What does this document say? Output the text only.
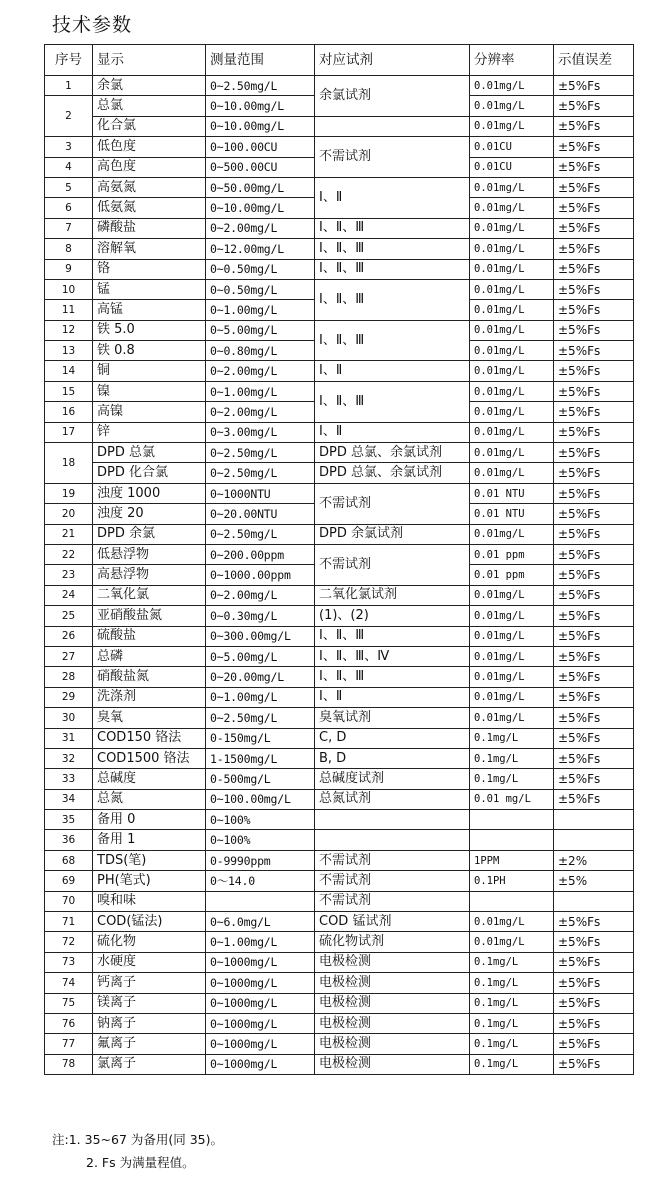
技术参数
序号	显示	测量范围	对应试剂	分辨率	示值误差
1	余氯	0~2.50mg/L	余氯试剂	0.01mg/L	±5%Fs
2	总氯	0~10.00mg/L		0.01mg/L	±5%Fs
	化合氯	0~10.00mg/L		0.01mg/L	±5%Fs
3	低色度	0~100.00CU	不需试剂	0.01CU	±5%Fs
4	高色度	0~500.00CU		0.01CU	±5%Fs
5	高氨氮	0~50.00mg/L	Ⅰ、Ⅱ	0.01mg/L	±5%Fs
6	低氨氮	0~10.00mg/L		0.01mg/L	±5%Fs
7	磷酸盐	0~2.00mg/L	Ⅰ、Ⅱ、Ⅲ	0.01mg/L	±5%Fs
8	溶解氧	0~12.00mg/L	Ⅰ、Ⅱ、Ⅲ	0.01mg/L	±5%Fs
9	铬	0~0.50mg/L	Ⅰ、Ⅱ、Ⅲ	0.01mg/L	±5%Fs
10	锰	0~0.50mg/L	Ⅰ、Ⅱ、Ⅲ	0.01mg/L	±5%Fs
11	高锰	0~1.00mg/L		0.01mg/L	±5%Fs
12	铁 5.0	0~5.00mg/L	Ⅰ、Ⅱ、Ⅲ	0.01mg/L	±5%Fs
13	铁 0.8	0~0.80mg/L		0.01mg/L	±5%Fs
14	铜	0~2.00mg/L	Ⅰ、Ⅱ	0.01mg/L	±5%Fs
15	镍	0~1.00mg/L	Ⅰ、Ⅱ、Ⅲ	0.01mg/L	±5%Fs
16	高镍	0~2.00mg/L		0.01mg/L	±5%Fs
17	锌	0~3.00mg/L	Ⅰ、Ⅱ	0.01mg/L	±5%Fs
18	DPD 总氯	0~2.50mg/L	DPD 总氯、余氯试剂	0.01mg/L	±5%Fs
	DPD 化合氯	0~2.50mg/L	DPD 总氯、余氯试剂	0.01mg/L	±5%Fs
19	浊度 1000	0~1000NTU	不需试剂	0.01 NTU	±5%Fs
20	浊度 20	0~20.00NTU		0.01 NTU	±5%Fs
21	DPD 余氯	0~2.50mg/L	DPD 余氯试剂	0.01mg/L	±5%Fs
22	低悬浮物	0~200.00ppm	不需试剂	0.01 ppm	±5%Fs
23	高悬浮物	0~1000.00ppm		0.01 ppm	±5%Fs
24	二氧化氯	0~2.00mg/L	二氧化氯试剂	0.01mg/L	±5%Fs
25	亚硝酸盐氮	0~0.30mg/L	(1)、(2)	0.01mg/L	±5%Fs
26	硫酸盐	0~300.00mg/L	Ⅰ、Ⅱ、Ⅲ	0.01mg/L	±5%Fs
27	总磷	0~5.00mg/L	Ⅰ、Ⅱ、Ⅲ、Ⅳ	0.01mg/L	±5%Fs
28	硝酸盐氮	0~20.00mg/L	Ⅰ、Ⅱ、Ⅲ	0.01mg/L	±5%Fs
29	洗涤剂	0~1.00mg/L	Ⅰ、Ⅱ	0.01mg/L	±5%Fs
30	臭氧	0~2.50mg/L	臭氧试剂	0.01mg/L	±5%Fs
31	COD150 铬法	0-150mg/L	C, D	0.1mg/L	±5%Fs
32	COD1500 铬法	1-1500mg/L	B, D	0.1mg/L	±5%Fs
33	总碱度	0-500mg/L	总碱度试剂	0.1mg/L	±5%Fs
34	总氮	0~100.00mg/L	总氮试剂	0.01 mg/L	±5%Fs
35	备用 0	0~100%			
36	备用 1	0~100%			
68	TDS(笔)	0-9990ppm	不需试剂	1PPM	±2%
69	PH(笔式)	0～14.0	不需试剂	0.1PH	±5%
70	嗅和味		不需试剂		
71	COD(锰法)	0~6.0mg/L	COD 锰试剂	0.01mg/L	±5%Fs
72	硫化物	0~1.00mg/L	硫化物试剂	0.01mg/L	±5%Fs
73	水硬度	0~1000mg/L	电极检测	0.1mg/L	±5%Fs
74	钙离子	0~1000mg/L	电极检测	0.1mg/L	±5%Fs
75	镁离子	0~1000mg/L	电极检测	0.1mg/L	±5%Fs
76	钠离子	0~1000mg/L	电极检测	0.1mg/L	±5%Fs
77	氟离子	0~1000mg/L	电极检测	0.1mg/L	±5%Fs
78	氯离子	0~1000mg/L	电极检测	0.1mg/L	±5%Fs
注:1. 35~67 为备用(同 35)。
2. Fs 为满量程值。
